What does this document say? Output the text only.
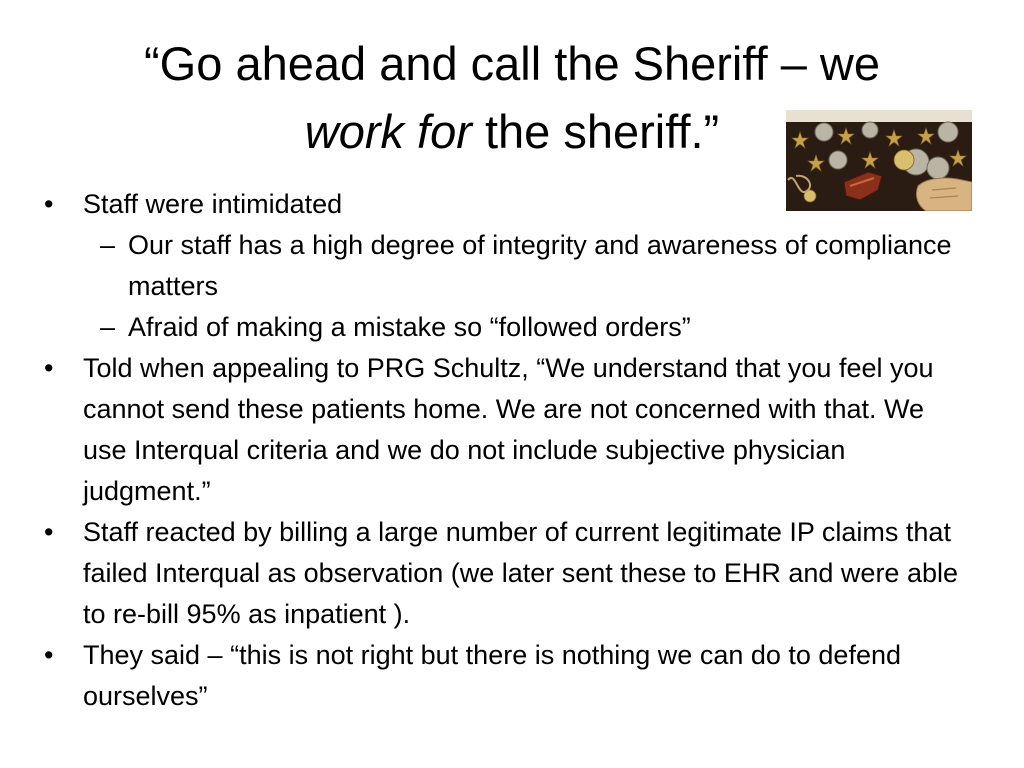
“Go ahead and call the Sheriff – we
work for the sheriff.”
• Staff were intimidated
– Our staff has a high degree of integrity and awareness of compliance matters
– Afraid of making a mistake so “followed orders”
• Told when appealing to PRG Schultz, “We understand that you feel you cannot send these patients home. We are not concerned with that. We use Interqual criteria and we do not include subjective physician judgment.”
• Staff reacted by billing a large number of current legitimate IP claims that failed Interqual as observation (we later sent these to EHR and were able to re-bill 95% as inpatient ).
• They said – “this is not right but there is nothing we can do to defend ourselves”
